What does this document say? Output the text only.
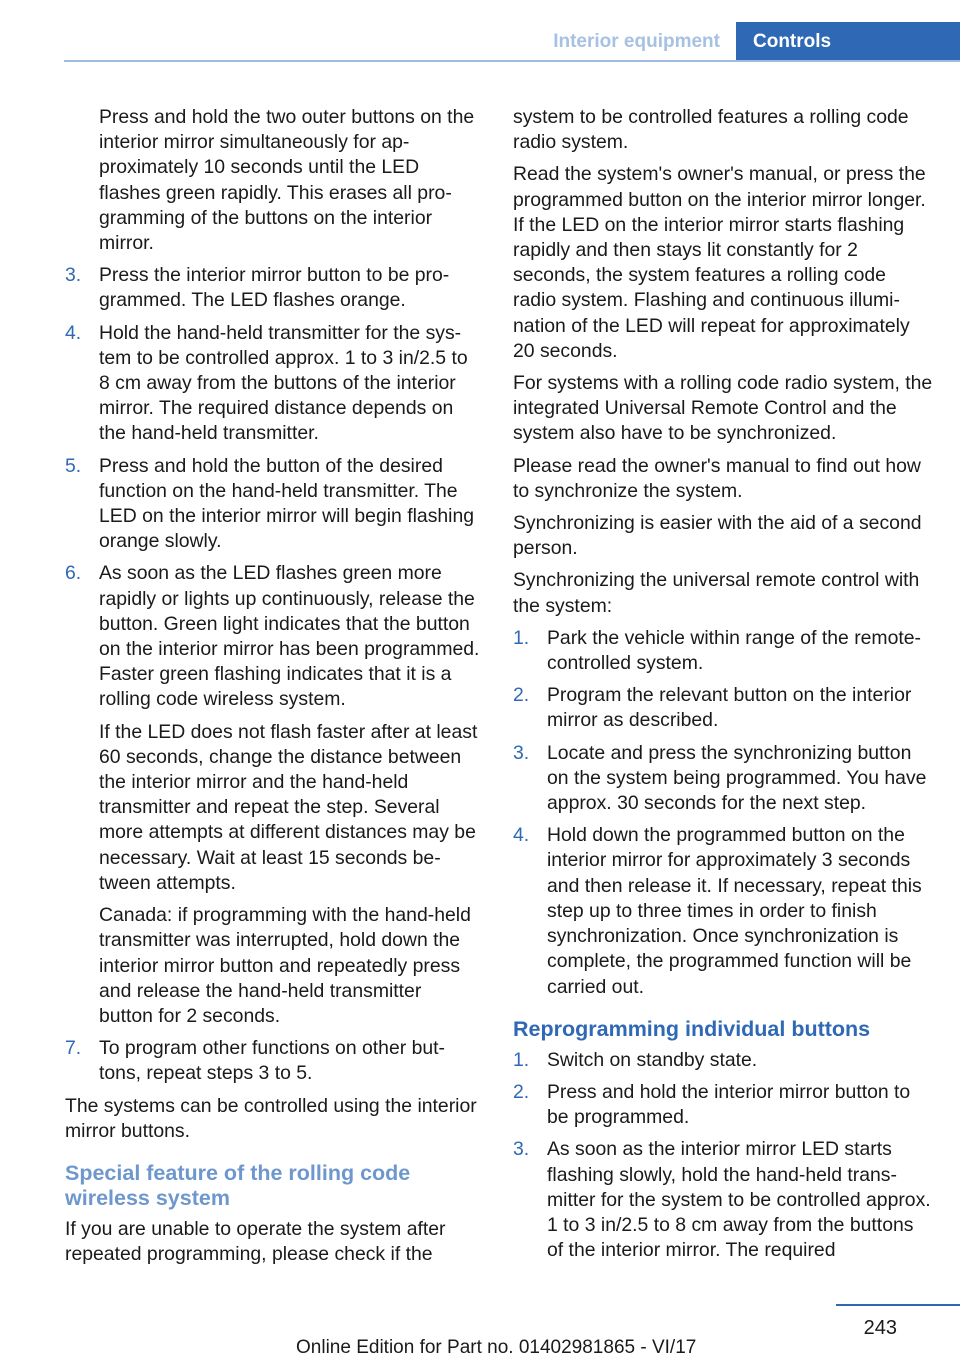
Interior equipment	Controls

Press and hold the two outer buttons on the interior mirror simultaneously for approximately 10 seconds until the LED flashes green rapidly. This erases all programming of the buttons on the interior mirror.

3. Press the interior mirror button to be programmed. The LED flashes orange.

4. Hold the hand-held transmitter for the system to be controlled approx. 1 to 3 in/2.5 to 8 cm away from the buttons of the interior mirror. The required distance depends on the hand-held transmitter.

5. Press and hold the button of the desired function on the hand-held transmitter. The LED on the interior mirror will begin flashing orange slowly.

6. As soon as the LED flashes green more rapidly or lights up continuously, release the button. Green light indicates that the button on the interior mirror has been programmed. Faster green flashing indicates that it is a rolling code wireless system.

If the LED does not flash faster after at least 60 seconds, change the distance between the interior mirror and the hand-held transmitter and repeat the step. Several more attempts at different distances may be necessary. Wait at least 15 seconds between attempts.

Canada: if programming with the hand-held transmitter was interrupted, hold down the interior mirror button and repeatedly press and release the hand-held transmitter button for 2 seconds.

7. To program other functions on other buttons, repeat steps 3 to 5.

The systems can be controlled using the interior mirror buttons.

Special feature of the rolling code wireless system

If you are unable to operate the system after repeated programming, please check if the

system to be controlled features a rolling code radio system.

Read the system's owner's manual, or press the programmed button on the interior mirror longer. If the LED on the interior mirror starts flashing rapidly and then stays lit constantly for 2 seconds, the system features a rolling code radio system. Flashing and continuous illumination of the LED will repeat for approximately 20 seconds.

For systems with a rolling code radio system, the integrated Universal Remote Control and the system also have to be synchronized.

Please read the owner's manual to find out how to synchronize the system.

Synchronizing is easier with the aid of a second person.

Synchronizing the universal remote control with the system:

1. Park the vehicle within range of the remote-controlled system.
2. Program the relevant button on the interior mirror as described.
3. Locate and press the synchronizing button on the system being programmed. You have approx. 30 seconds for the next step.
4. Hold down the programmed button on the interior mirror for approximately 3 seconds and then release it. If necessary, repeat this step up to three times in order to finish synchronization. Once synchronization is complete, the programmed function will be carried out.
Reprogramming individual buttons
1. Switch on standby state.
2. Press and hold the interior mirror button to be programmed.
3. As soon as the interior mirror LED starts flashing slowly, hold the hand-held transmitter for the system to be controlled approx. 1 to 3 in/2.5 to 8 cm away from the buttons of the interior mirror. The required
243
Online Edition for Part no. 01402981865 - VI/17
